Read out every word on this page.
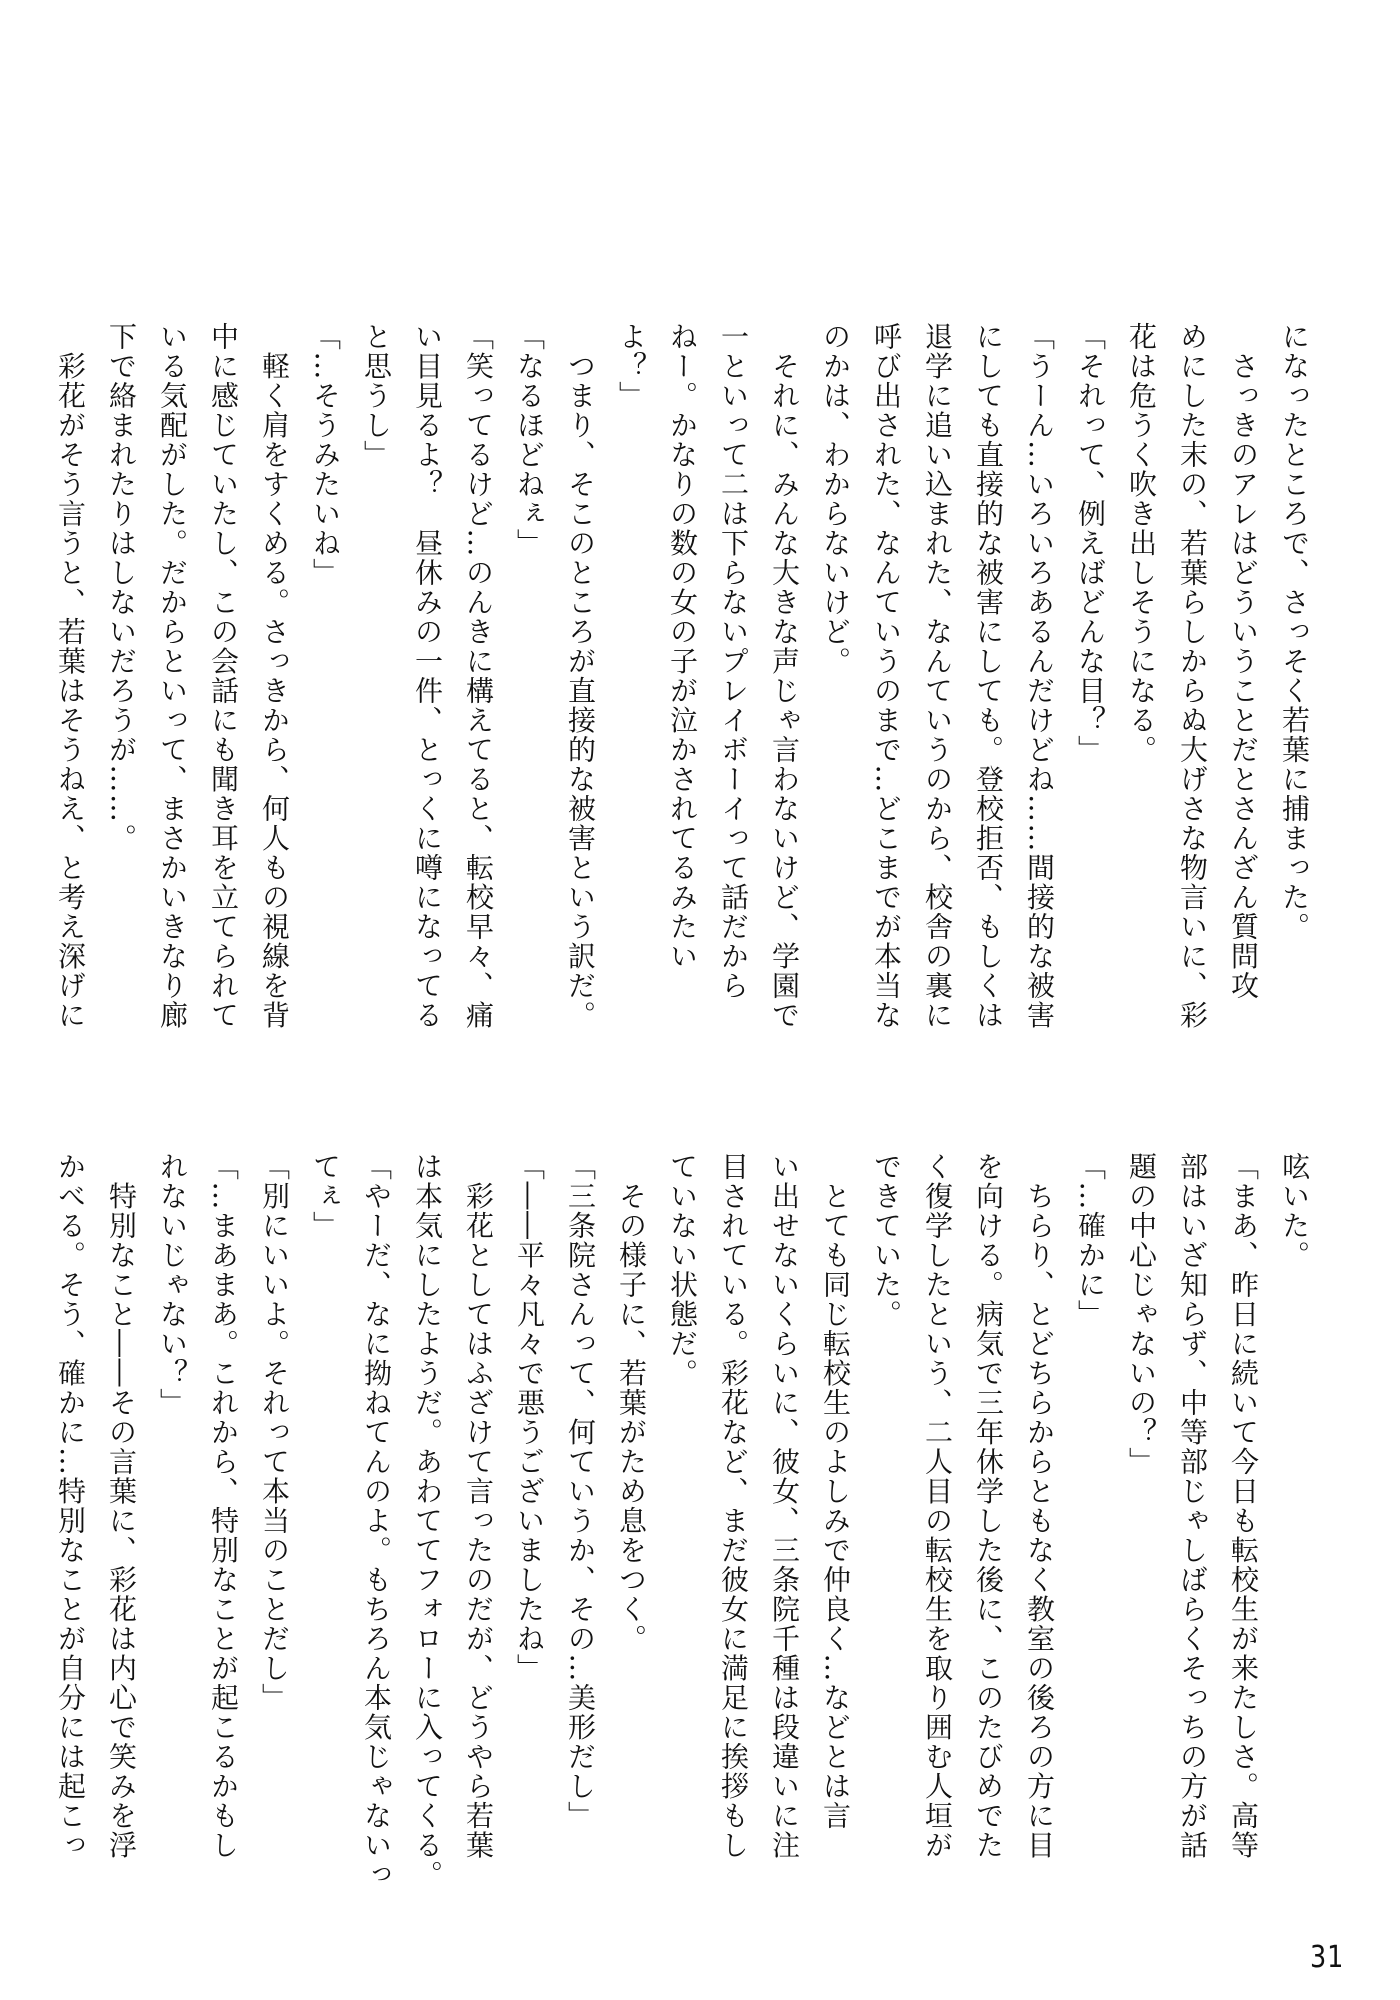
になったところで、さっそく若葉に捕まった。
　さっきのアレはどういうことだとさんざん質問攻
めにした末の、若葉らしからぬ大げさな物言いに、彩
花は危うく吹き出しそうになる。
「それって、例えばどんな目？」
「うーん…いろいろあるんだけどね……間接的な被害
にしても直接的な被害にしても。登校拒否、もしくは
退学に追い込まれた、なんていうのから、校舎の裏に
呼び出された、なんていうのまで…どこまでが本当な
のかは、わからないけど。
　それに、みんな大きな声じゃ言わないけど、学園で
一といって二は下らないプレイボーイって話だから
ねー。かなりの数の女の子が泣かされてるみたい
よ？」
　つまり、そこのところが直接的な被害という訳だ。
「なるほどねぇ」
「笑ってるけど…のんきに構えてると、転校早々、痛
い目見るよ？　昼休みの一件、とっくに噂になってる
と思うし」
「…そうみたいね」
　軽く肩をすくめる。さっきから、何人もの視線を背
中に感じていたし、この会話にも聞き耳を立てられて
いる気配がした。だからといって、まさかいきなり廊
下で絡まれたりはしないだろうが……。
　彩花がそう言うと、若葉はそうねえ、と考え深げに
呟いた。
「まあ、昨日に続いて今日も転校生が来たしさ。高等
部はいざ知らず、中等部じゃしばらくそっちの方が話
題の中心じゃないの？」
「…確かに」
　ちらり、とどちらからともなく教室の後ろの方に目
を向ける。病気で三年休学した後に、このたびめでた
く復学したという、二人目の転校生を取り囲む人垣が
できていた。
　とても同じ転校生のよしみで仲良く…などとは言
い出せないくらいに、彼女、三条院千種は段違いに注
目されている。彩花など、まだ彼女に満足に挨拶もし
ていない状態だ。
　その様子に、若葉がため息をつく。
「三条院さんって、何ていうか、その…美形だし」
「――平々凡々で悪うございましたね」
　彩花としてはふざけて言ったのだが、どうやら若葉
は本気にしたようだ。あわててフォローに入ってくる。
「やーだ、なに拗ねてんのよ。もちろん本気じゃないっ
てぇ」
「別にいいよ。それって本当のことだし」
「…まあまあ。これから、特別なことが起こるかもし
れないじゃない？」
　特別なこと――その言葉に、彩花は内心で笑みを浮
かべる。そう、確かに…特別なことが自分には起こっ
31
